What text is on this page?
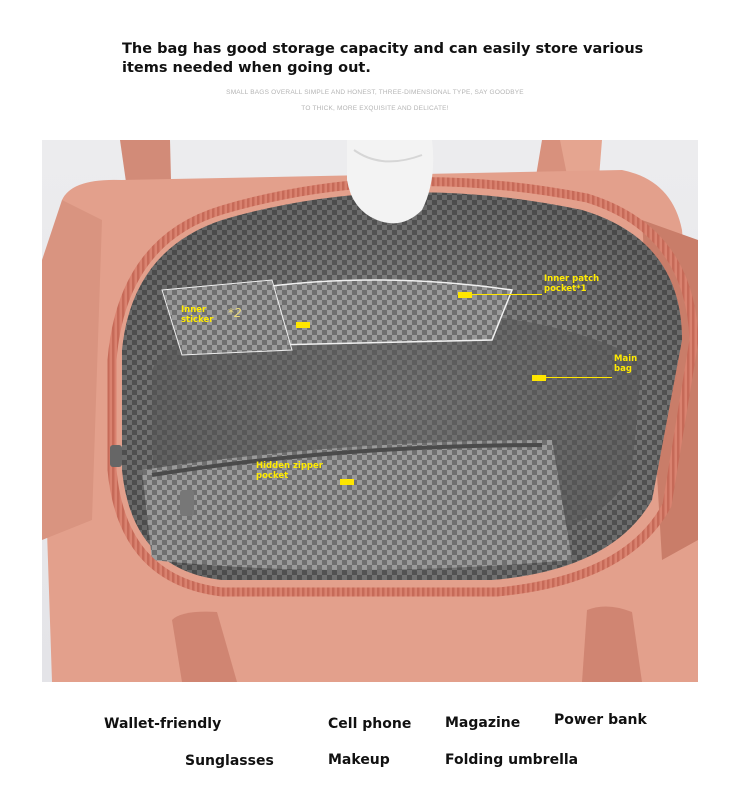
The bag has good storage capacity and can easily store various items needed when going out.
SMALL BAGS OVERALL SIMPLE AND HONEST, THREE-DIMENSIONAL TYPE, SAY GOODBYE
TO THICK, MORE EXQUISITE AND DELICATE!
Inner
sticker *2
Inner patch
pocket*1
Main
bag
Hidden zipper
pocket
Wallet-friendly	Cell phone Magazine Power bank
Sunglasses	Makeup	Folding umbrella
